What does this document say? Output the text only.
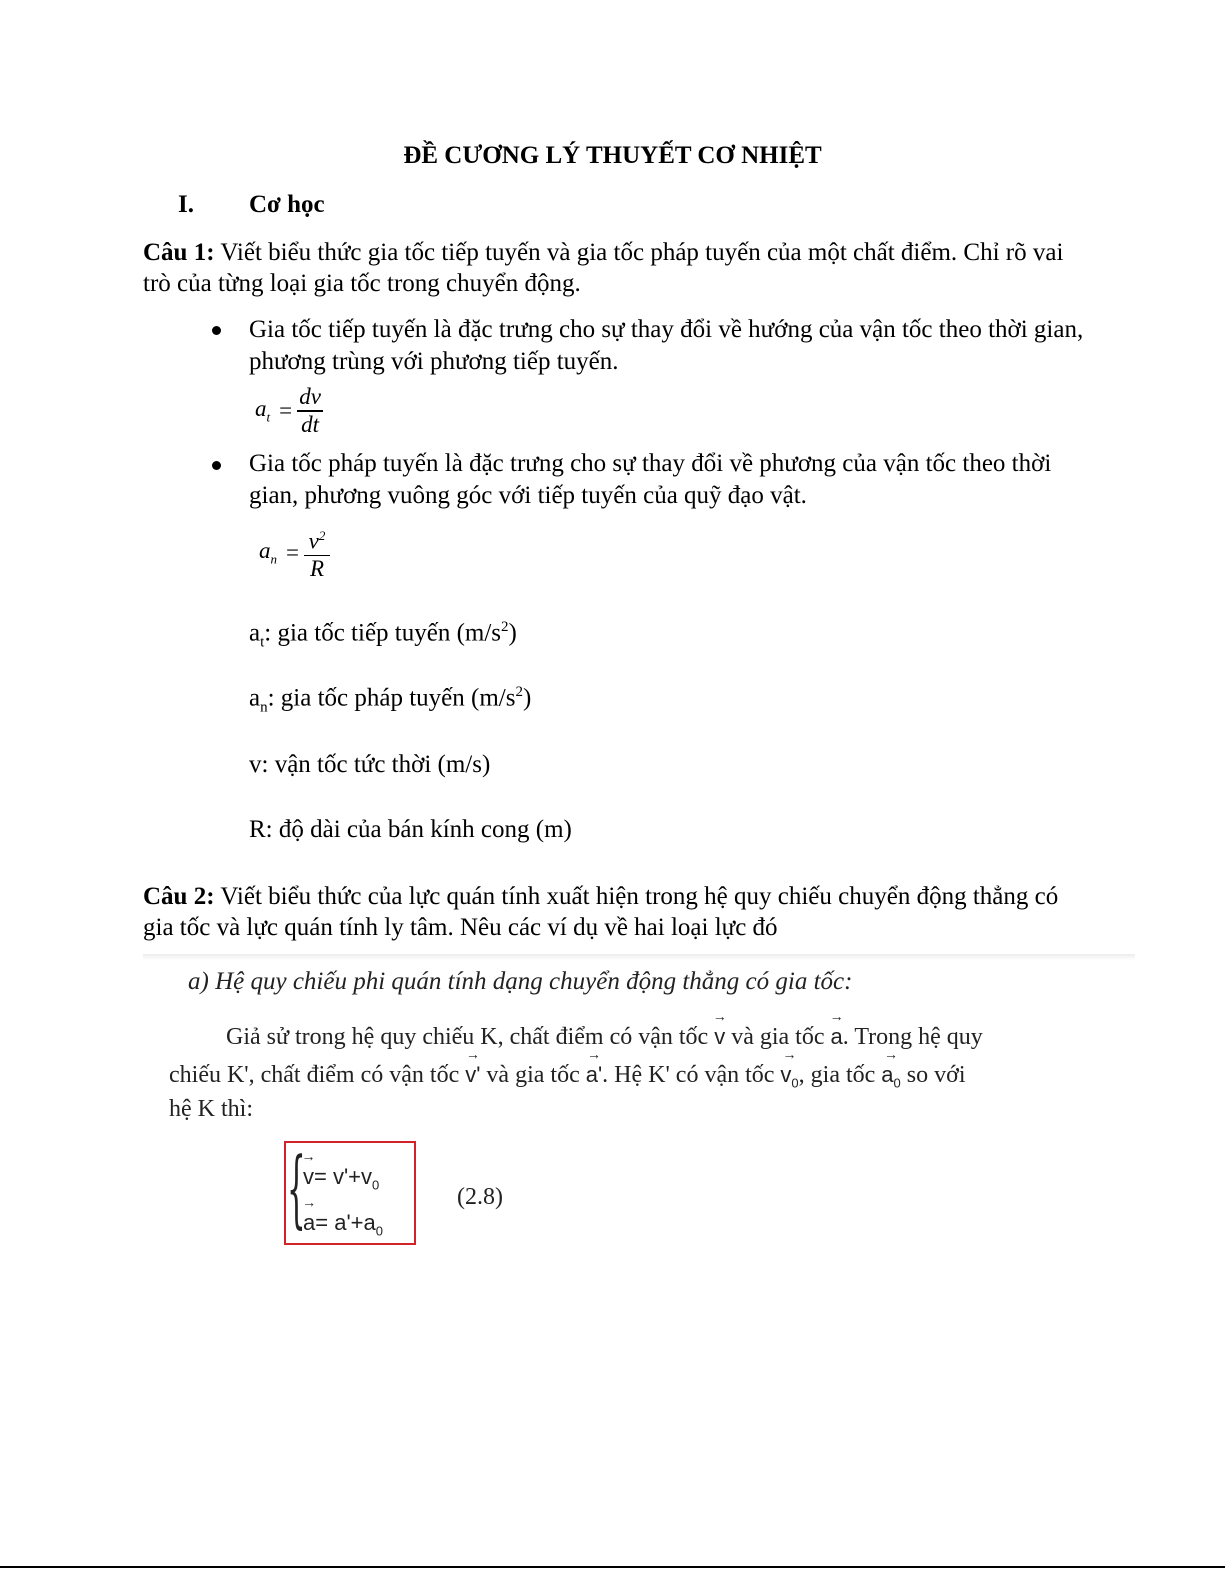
ĐỀ CƯƠNG LÝ THUYẾT CƠ NHIỆT
I. Cơ học
Câu 1: Viết biểu thức gia tốc tiếp tuyến và gia tốc pháp tuyến của một chất điểm. Chỉ rõ vai trò của từng loại gia tốc trong chuyển động.
Gia tốc tiếp tuyến là đặc trưng cho sự thay đổi về hướng của vận tốc theo thời gian, phương trùng với phương tiếp tuyến.
$a_t = \frac{dv}{dt}$
Gia tốc pháp tuyến là đặc trưng cho sự thay đổi về phương của vận tốc theo thời gian, phương vuông góc với tiếp tuyến của quỹ đạo vật.
$a_n = \frac{v^2}{R}$
$a_t$: gia tốc tiếp tuyến $(m/s^2)$
$a_n$: gia tốc pháp tuyến $(m/s^2)$
v: vận tốc tức thời (m/s)
R: độ dài của bán kính cong (m)
Câu 2: Viết biểu thức của lực quán tính xuất hiện trong hệ quy chiếu chuyển động thẳng có gia tốc và lực quán tính ly tâm. Nêu các ví dụ về hai loại lực đó
a) Hệ quy chiếu phi quán tính dạng chuyển động thẳng có gia tốc:
Giả sử trong hệ quy chiếu K, chất điểm có vận tốc → v và gia tốc → a. Trong hệ quy
chiếu K', chất điểm có vận tốc → v' và gia tốc → a'. Hệ K' có vận tốc → $v_0$, gia tốc → $a_0$ so với
hệ K thì:
{
→ $v= v'+v_0$
→ $a= a'+a_0$
(2.8)
